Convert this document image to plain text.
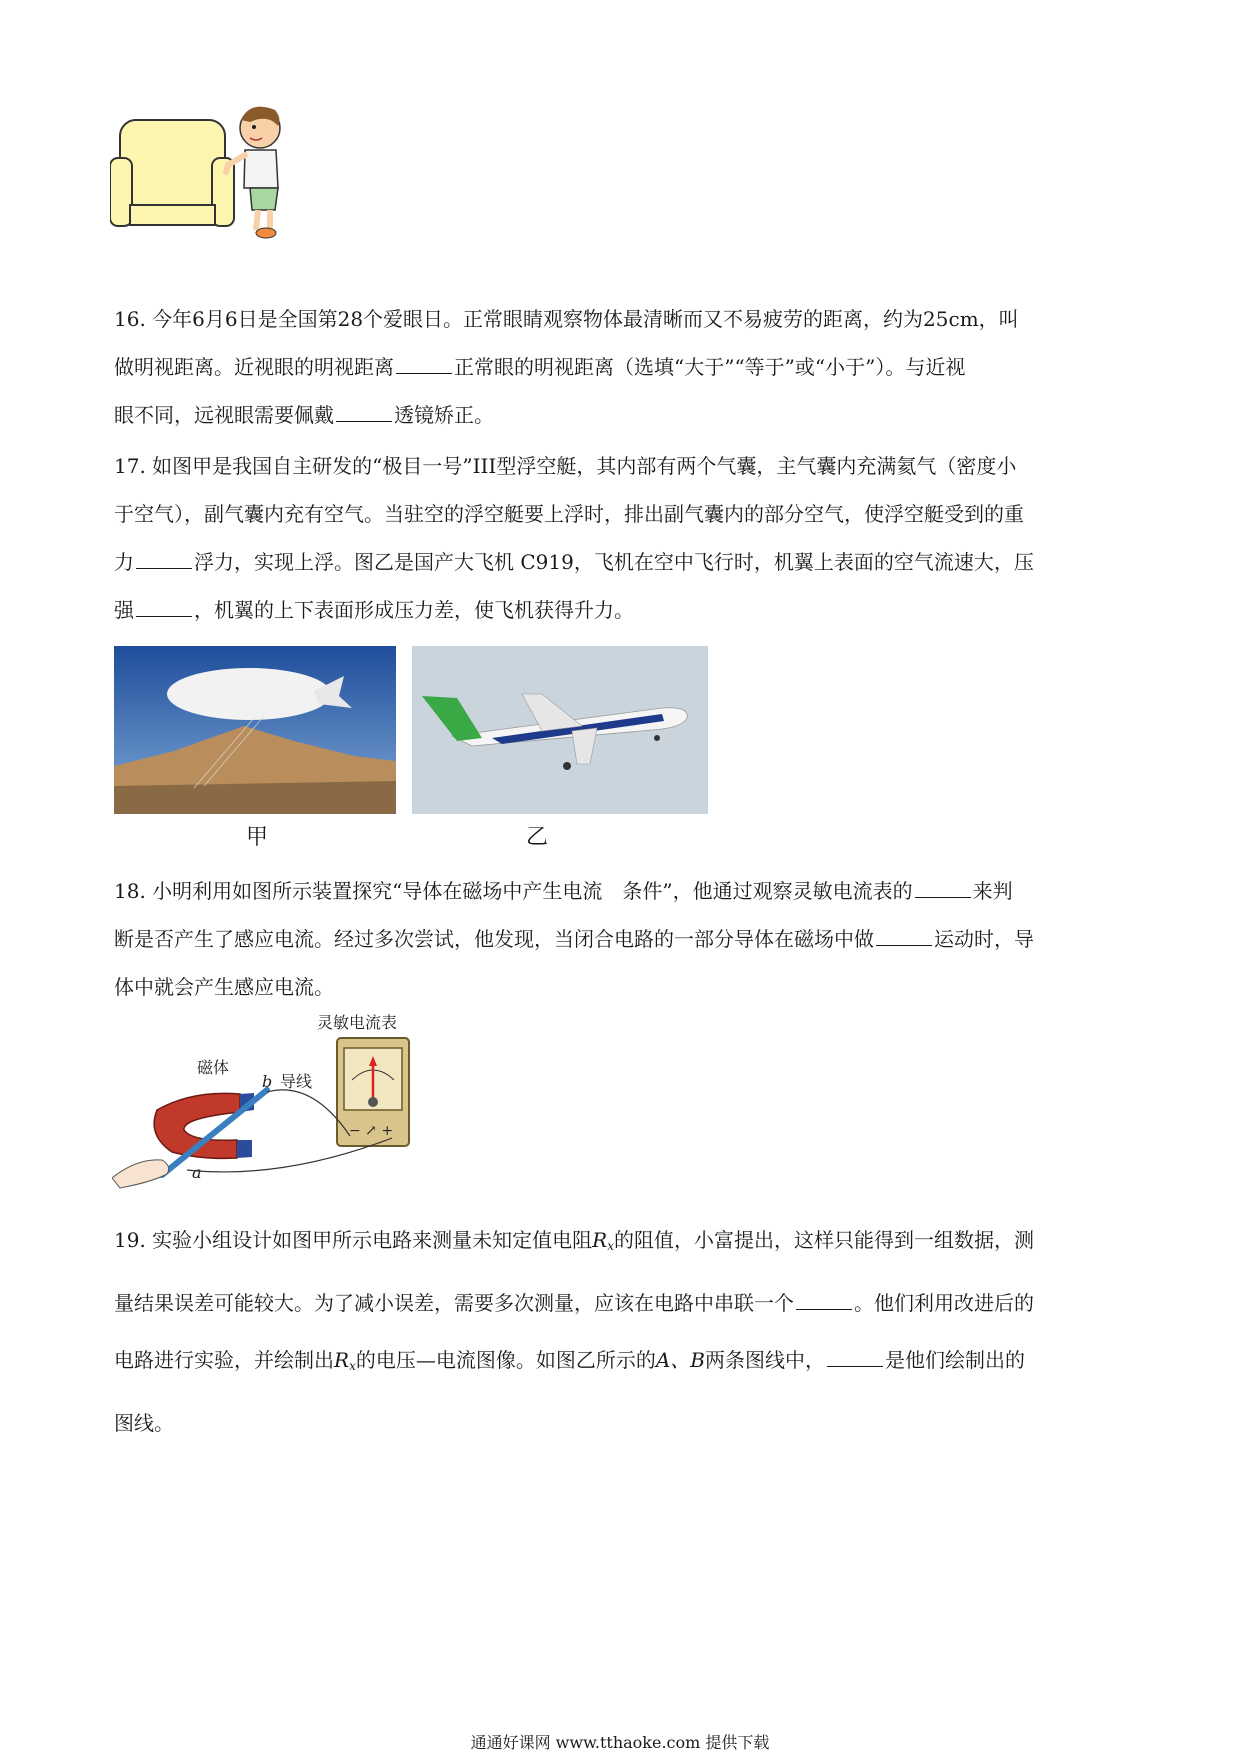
16. 今年6月6日是全国第28个爱眼日。正常眼睛观察物体最清晰而又不易疲劳的距离，约为25cm，叫
做明视距离。近视眼的明视距离	正常眼的明视距离（选填“大于”“等于”或“小于”）。与近视
眼不同，远视眼需要佩戴	透镜矫正。
17. 如图甲是我国自主研发的“极目一号”III型浮空艇，其内部有两个气囊，主气囊内充满氦气（密度小
于空气），副气囊内充有空气。当驻空的浮空艇要上浮时，排出副气囊内的部分空气，使浮空艇受到的重
力	浮力，实现上浮。图乙是国产大飞机 C919，飞机在空中飞行时，机翼上表面的空气流速大，压
强	，机翼的上下表面形成压力差，使飞机获得升力。
甲	乙
18. 小明利用如图所示装置探究“导体在磁场中产生电流　条件”，他通过观察灵敏电流表的	来判
断是否产生了感应电流。经过多次尝试，他发现，当闭合电路的一部分导体在磁场中做	运动时，导
体中就会产生感应电流。
灵敏电流表
− ↗ +
磁体
b 导线
a
19. 实验小组设计如图甲所示电路来测量未知定值电阻$R_x$的阻值，小富提出，这样只能得到一组数据，测
量结果误差可能较大。为了减小误差，需要多次测量，应该在电路中串联一个	。他们利用改进后的
电路进行实验，并绘制出$R_x$的电压—电流图像。如图乙所示的A、B两条图线中，	是他们绘制出的
图线。
通通好课网 www.tthaoke.com 提供下载
